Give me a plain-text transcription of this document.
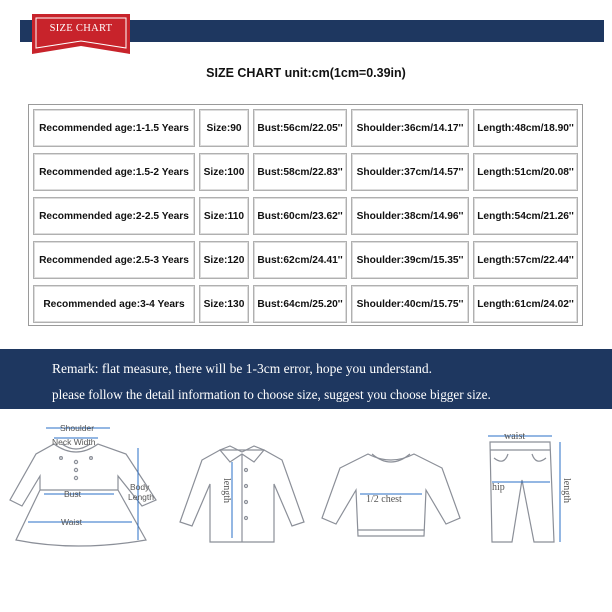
SIZE CHART
SIZE CHART unit:cm(1cm=0.39in)
Recommended age:1-1.5 Years	Size:90	Bust:56cm/22.05''	Shoulder:36cm/14.17''	Length:48cm/18.90''
Recommended age:1.5-2 Years	Size:100	Bust:58cm/22.83''	Shoulder:37cm/14.57''	Length:51cm/20.08''
Recommended age:2-2.5 Years	Size:110	Bust:60cm/23.62''	Shoulder:38cm/14.96''	Length:54cm/21.26''
Recommended age:2.5-3 Years	Size:120	Bust:62cm/24.41''	Shoulder:39cm/15.35''	Length:57cm/22.44''
Recommended age:3-4 Years	Size:130	Bust:64cm/25.20''	Shoulder:40cm/15.75''	Length:61cm/24.02''
Remark: flat measure, there will be 1-3cm error, hope you understand.
please follow the detail information to choose size, suggest you choose bigger size.
Shoulder
Neck Width
Bust
Waist
Body
Length	length	1/2 chest
waist
hip	length
